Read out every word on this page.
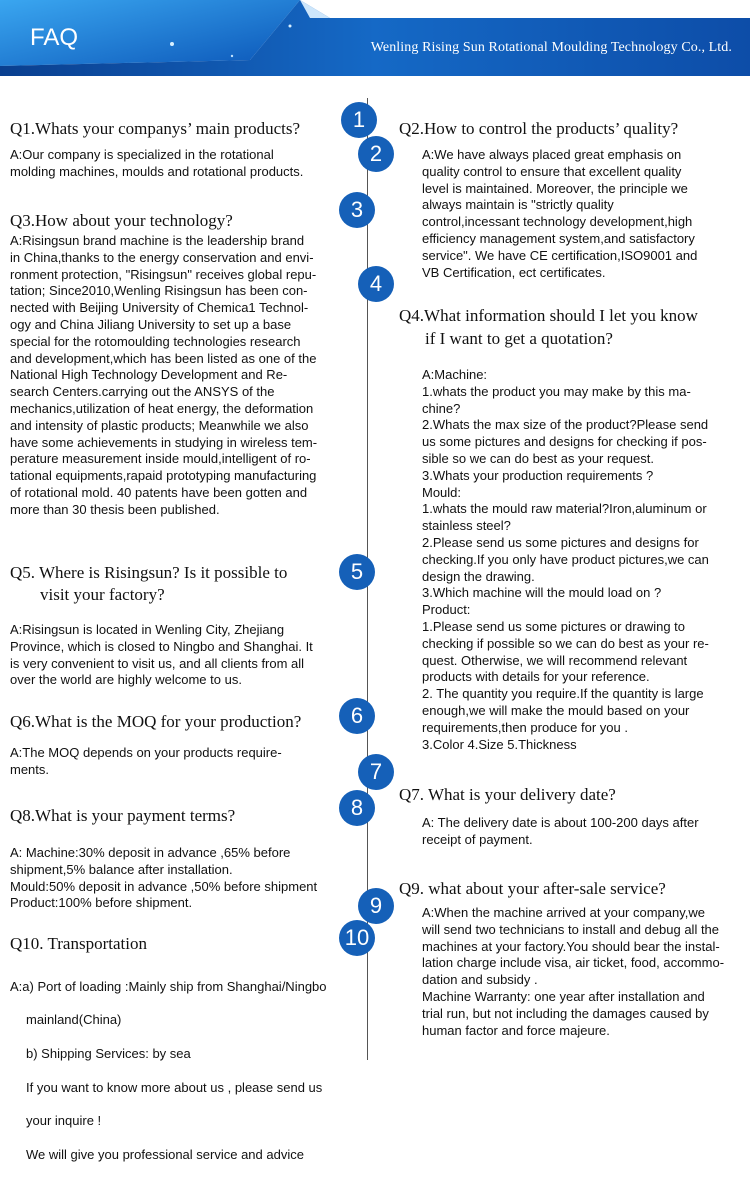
FAQ	Wenling Rising Sun Rotational Moulding Technology Co., Ltd.
1
2
3
4
5
6
7
8
9
10
Q1.Whats your companys’ main products?
A:Our company is specialized in the rotational
molding machines, moulds and rotational products.
Q3.How about your technology?
A:Risingsun brand machine is the leadership brand
in China,thanks to the energy conservation and envi-
ronment protection, "Risingsun" receives global repu-
tation; Since2010,Wenling Risingsun has been con-
nected with Beijing University of Chemica1 Technol-
ogy and China Jiliang University to set up a base
special for the rotomoulding technologies research
and development,which has been listed as one of the
National High Technology Development and Re-
search Centers.carrying out the ANSYS of the
mechanics,utilization of heat energy, the deformation
and intensity of plastic products; Meanwhile we also
have some achievements in studying in wireless tem-
perature measurement inside mould,intelligent of ro-
tational equipments,rapaid prototyping manufacturing
of rotational mold. 40 patents have been gotten and
more than 30 thesis been published.
Q5. Where is Risingsun? Is it possible to
visit your factory?
A:Risingsun is located in Wenling City, Zhejiang
Province, which is closed to Ningbo and Shanghai. It
is very convenient to visit us, and all clients from all
over the world are highly welcome to us.
Q6.What is the MOQ for your production?
A:The MOQ depends on your products require-
ments.
Q8.What is your payment terms?
A: Machine:30% deposit in advance ,65% before
shipment,5% balance after installation.
Mould:50% deposit in advance ,50% before shipment
Product:100% before shipment.
Q10. Transportation

A:a) Port of loading :Mainly ship from Shanghai/Ningbo

mainland(China)

b) Shipping Services: by sea

If you want to know more about us , please send us

your inquire !

We will give you professional service and advice

Q2.How to control the products’ quality?
A:We have always placed great emphasis on
quality control to ensure that excellent quality
level is maintained. Moreover, the principle we
always maintain is "strictly quality
control,incessant technology development,high
efficiency management system,and satisfactory
service". We have CE certification,ISO9001 and
VB Certification, ect certificates.
Q4.What information should I let you know
if I want to get a quotation?
A:Machine:
1.whats the product you may make by this ma-
chine?
2.Whats the max size of the product?Please send
us some pictures and designs for checking if pos-
sible so we can do best as your request.
3.Whats your production requirements ?
Mould:
1.whats the mould raw material?Iron,aluminum or
stainless steel?
2.Please send us some pictures and designs for
checking.If you only have product pictures,we can
design the drawing.
3.Which machine will the mould load on ?
Product:
1.Please send us some pictures or drawing to
checking if possible so we can do best as your re-
quest. Otherwise, we will recommend relevant
products with details for your reference.
2. The quantity you require.If the quantity is large
enough,we will make the mould based on your
requirements,then produce for you .
3.Color 4.Size 5.Thickness
Q7. What is your delivery date?
A: The delivery date is about 100-200 days after
receipt of payment.
Q9. what about your after-sale service?
A:When the machine arrived at your company,we
will send two technicians to install and debug all the
machines at your factory.You should bear the instal-
lation charge include visa, air ticket, food, accommo-
dation and subsidy .
Machine Warranty: one year after installation and
trial run, but not including the damages caused by
human factor and force majeure.
